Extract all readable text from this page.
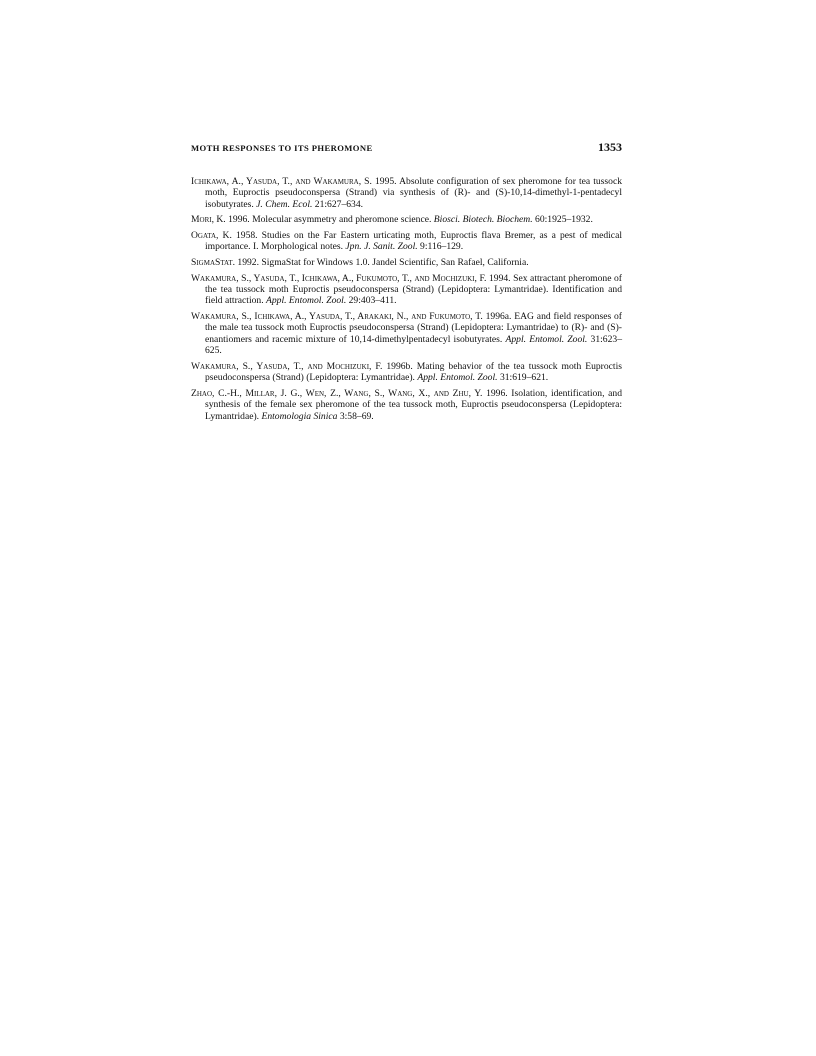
MOTH RESPONSES TO ITS PHEROMONE	1353
Ichikawa, A., Yasuda, T., and Wakamura, S. 1995. Absolute configuration of sex pheromone for tea tussock moth, Euproctis pseudoconspersa (Strand) via synthesis of (R)- and (S)-10,14-dimethyl-1-pentadecyl isobutyrates. J. Chem. Ecol. 21:627–634.
Mori, K. 1996. Molecular asymmetry and pheromone science. Biosci. Biotech. Biochem. 60:1925–1932.
Ogata, K. 1958. Studies on the Far Eastern urticating moth, Euproctis flava Bremer, as a pest of medical importance. I. Morphological notes. Jpn. J. Sanit. Zool. 9:116–129.
SigmaStat. 1992. SigmaStat for Windows 1.0. Jandel Scientific, San Rafael, California.
Wakamura, S., Yasuda, T., Ichikawa, A., Fukumoto, T., and Mochizuki, F. 1994. Sex attractant pheromone of the tea tussock moth Euproctis pseudoconspersa (Strand) (Lepidoptera: Lymantridae). Identification and field attraction. Appl. Entomol. Zool. 29:403–411.
Wakamura, S., Ichikawa, A., Yasuda, T., Arakaki, N., and Fukumoto, T. 1996a. EAG and field responses of the male tea tussock moth Euproctis pseudoconspersa (Strand) (Lepidoptera: Lymantridae) to (R)- and (S)-enantiomers and racemic mixture of 10,14-dimethylpentadecyl isobutyrates. Appl. Entomol. Zool. 31:623–625.
Wakamura, S., Yasuda, T., and Mochizuki, F. 1996b. Mating behavior of the tea tussock moth Euproctis pseudoconspersa (Strand) (Lepidoptera: Lymantridae). Appl. Entomol. Zool. 31:619–621.
Zhao, C.-H., Millar, J. G., Wen, Z., Wang, S., Wang, X., and Zhu, Y. 1996. Isolation, identification, and synthesis of the female sex pheromone of the tea tussock moth, Euproctis pseudoconspersa (Lepidoptera: Lymantridae). Entomologia Sinica 3:58–69.
